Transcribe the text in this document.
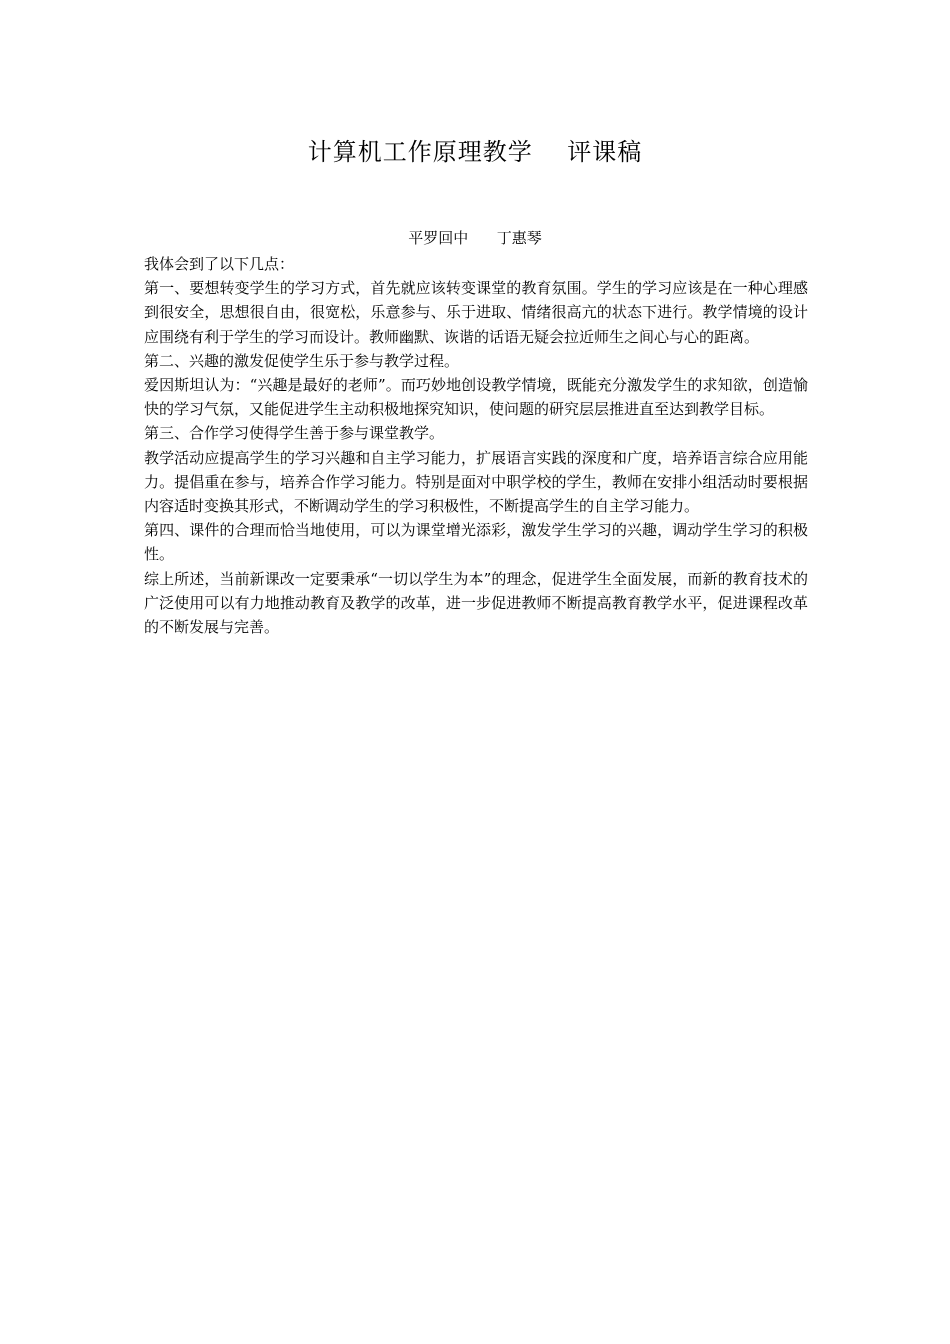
计算机工作原理教学    评课稿
平罗回中      丁惠琴

我体会到了以下几点：

第一、要想转变学生的学习方式，首先就应该转变课堂的教育氛围。学生的学习应该是在一种心理感到很安全，思想很自由，很宽松，乐意参与、乐于进取、情绪很高亢的状态下进行。教学情境的设计应围绕有利于学生的学习而设计。教师幽默、诙谐的话语无疑会拉近师生之间心与心的距离。

第二、兴趣的激发促使学生乐于参与教学过程。

爱因斯坦认为：“兴趣是最好的老师”。而巧妙地创设教学情境，既能充分激发学生的求知欲，创造愉快的学习气氛，又能促进学生主动积极地探究知识，使问题的研究层层推进直至达到教学目标。

第三、合作学习使得学生善于参与课堂教学。

教学活动应提高学生的学习兴趣和自主学习能力，扩展语言实践的深度和广度，培养语言综合应用能力。提倡重在参与，培养合作学习能力。特别是面对中职学校的学生，教师在安排小组活动时要根据内容适时变换其形式，不断调动学生的学习积极性，不断提高学生的自主学习能力。

第四、课件的合理而恰当地使用，可以为课堂增光添彩，激发学生学习的兴趣，调动学生学习的积极性。

综上所述，当前新课改一定要秉承“一切以学生为本”的理念，促进学生全面发展，而新的教育技术的广泛使用可以有力地推动教育及教学的改革，进一步促进教师不断提高教育教学水平，促进课程改革的不断发展与完善。
